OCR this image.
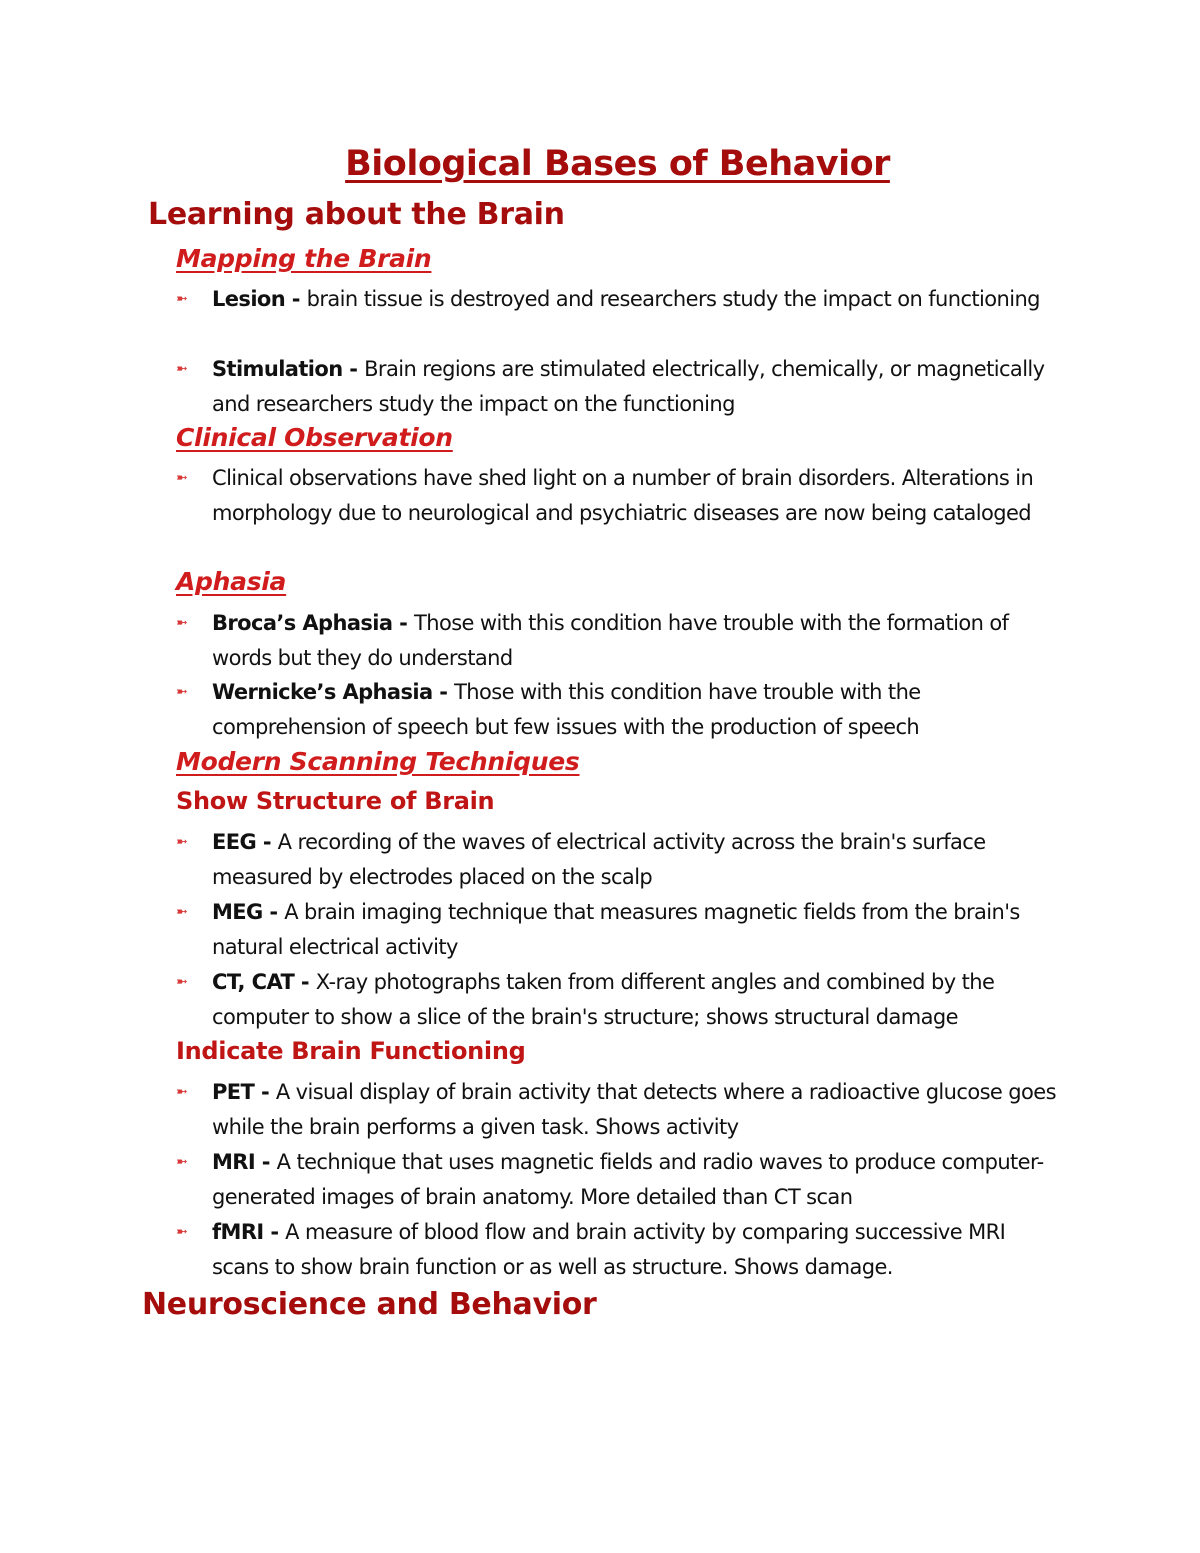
Biological Bases of Behavior
Learning about the Brain
Mapping the Brain
➼	Lesion - brain tissue is destroyed and researchers study the impact on functioning
➼	Stimulation - Brain regions are stimulated electrically, chemically, or magnetically and researchers study the impact on the functioning
Clinical Observation
➼	Clinical observations have shed light on a number of brain disorders. Alterations in morphology due to neurological and psychiatric diseases are now being cataloged
Aphasia
➼	Broca’s Aphasia - Those with this condition have trouble with the formation of words but they do understand
➼	Wernicke’s Aphasia - Those with this condition have trouble with the comprehension of speech but few issues with the production of speech
Modern Scanning Techniques
Show Structure of Brain
➼	EEG - A recording of the waves of electrical activity across the brain's surface measured by electrodes placed on the scalp
➼	MEG - A brain imaging technique that measures magnetic fields from the brain's natural electrical activity
➼	CT, CAT - X-ray photographs taken from different angles and combined by the computer to show a slice of the brain's structure; shows structural damage
Indicate Brain Functioning
➼	PET - A visual display of brain activity that detects where a radioactive glucose goes while the brain performs a given task. Shows activity
➼	MRI - A technique that uses magnetic fields and radio waves to produce computer-generated images of brain anatomy. More detailed than CT scan
➼	fMRI - A measure of blood flow and brain activity by comparing successive MRI scans to show brain function or as well as structure. Shows damage.
Neuroscience and Behavior
